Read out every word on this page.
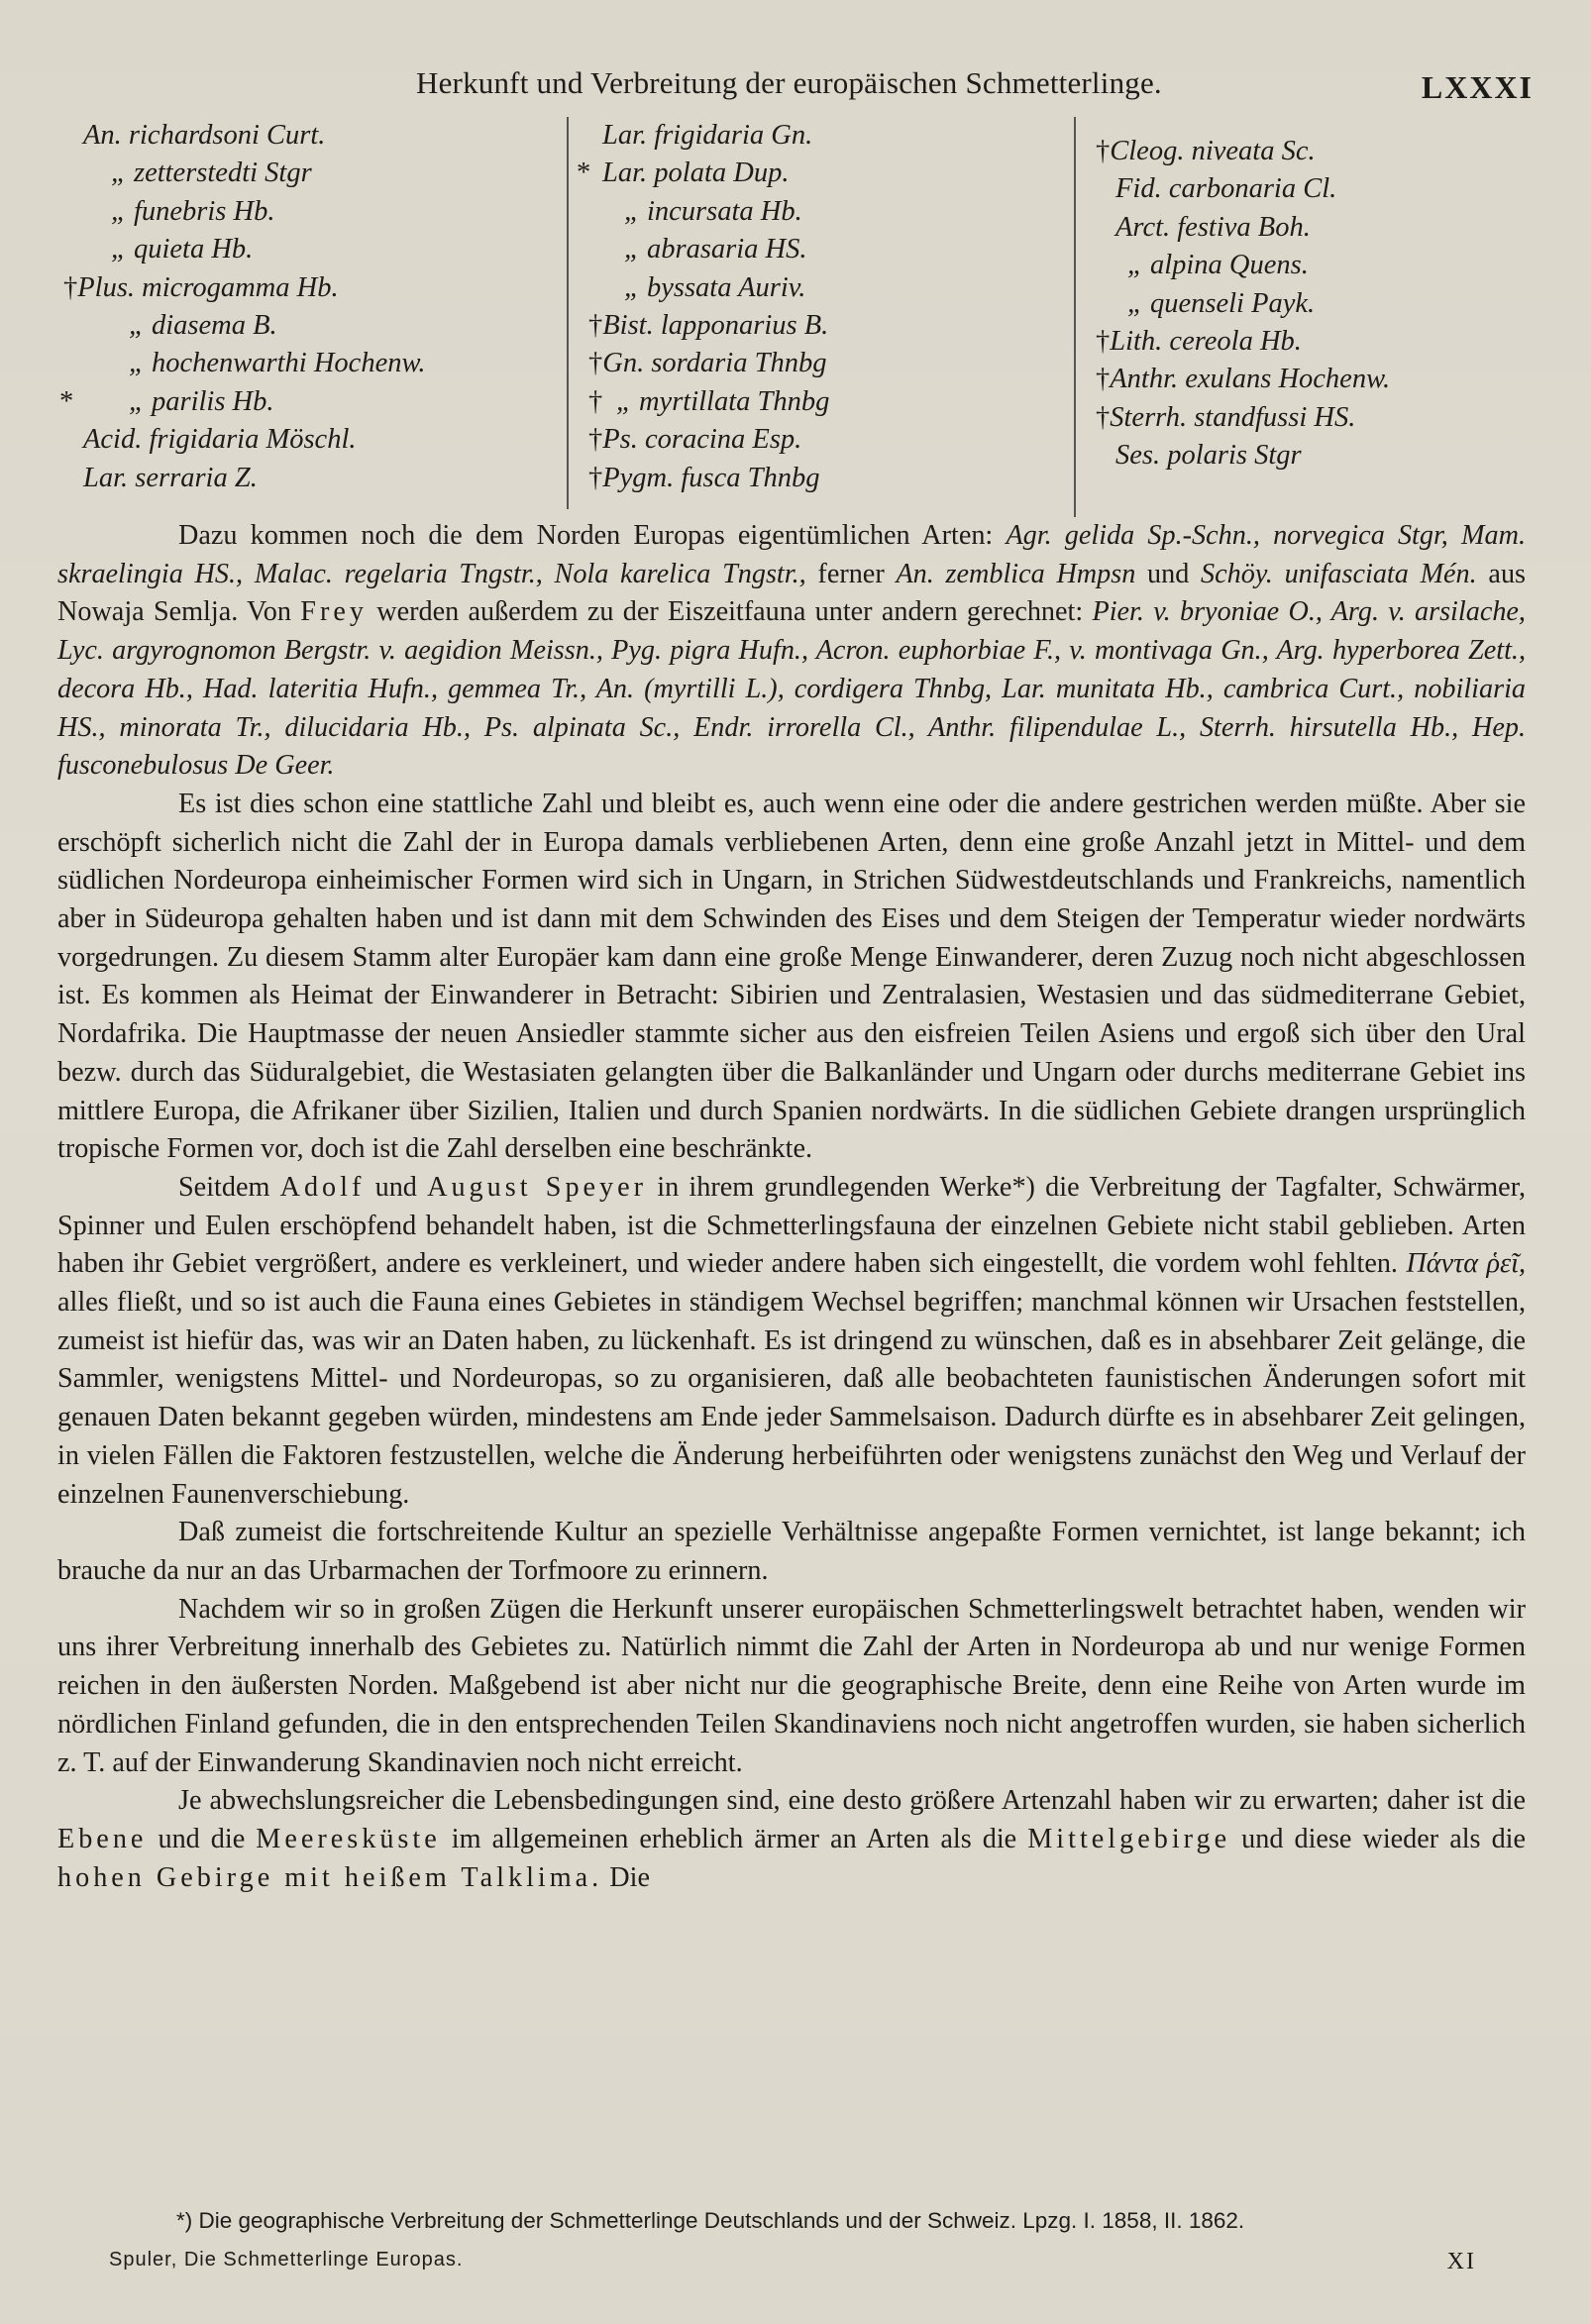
Herkunft und Verbreitung der europäischen Schmetterlinge.	LXXXI
An. richardsoni Curt.
„ zetterstedti Stgr
„ funebris Hb.
„ quieta Hb.
†Plus. microgamma Hb.
„ diasema B.
„ hochenwarthi Hochenw.
* „ parilis Hb.
Acid. frigidaria Möschl.
Lar. serraria Z.
Lar. frigidaria Gn.
* Lar. polata Dup.
„ incursata Hb.
„ abrasaria HS.
„ byssata Auriv.
†Bist. lapponarius B.
†Gn. sordaria Thnbg
† „ myrtillata Thnbg
†Ps. coracina Esp.
†Pygm. fusca Thnbg
†Cleog. niveata Sc.
Fid. carbonaria Cl.
Arct. festiva Boh.
„ alpina Quens.
„ quenseli Payk.
†Lith. cereola Hb.
†Anthr. exulans Hochenw.
†Sterrh. standfussi HS.
Ses. polaris Stgr

Dazu kommen noch die dem Norden Europas eigentümlichen Arten: Agr. gelida Sp.-Schn., norvegica Stgr, Mam. skraelingia HS., Malac. regelaria Tngstr., Nola karelica Tngstr., ferner An. zemblica Hmpsn und Schöy. unifasciata Mén. aus Nowaja Semlja. Von Frey werden außerdem zu der Eiszeitfauna unter andern gerechnet: Pier. v. bryoniae O., Arg. v. arsilache, Lyc. argyrognomon Bergstr. v. aegidion Meissn., Pyg. pigra Hufn., Acron. euphorbiae F., v. montivaga Gn., Arg. hyperborea Zett., decora Hb., Had. lateritia Hufn., gemmea Tr., An. (myrtilli L.), cordigera Thnbg, Lar. munitata Hb., cambrica Curt., nobiliaria HS., minorata Tr., dilucidaria Hb., Ps. alpinata Sc., Endr. irrorella Cl., Anthr. filipendulae L., Sterrh. hirsutella Hb., Hep. fusconebulosus De Geer.

Es ist dies schon eine stattliche Zahl und bleibt es, auch wenn eine oder die andere gestrichen werden müßte. Aber sie erschöpft sicherlich nicht die Zahl der in Europa damals verbliebenen Arten, denn eine große Anzahl jetzt in Mittel- und dem südlichen Nordeuropa einheimischer Formen wird sich in Ungarn, in Strichen Südwestdeutschlands und Frankreichs, namentlich aber in Südeuropa gehalten haben und ist dann mit dem Schwinden des Eises und dem Steigen der Temperatur wieder nordwärts vorgedrungen. Zu diesem Stamm alter Europäer kam dann eine große Menge Einwanderer, deren Zuzug noch nicht abgeschlossen ist. Es kommen als Heimat der Einwanderer in Betracht: Sibirien und Zentralasien, Westasien und das südmediterrane Gebiet, Nordafrika. Die Hauptmasse der neuen Ansiedler stammte sicher aus den eisfreien Teilen Asiens und ergoß sich über den Ural bezw. durch das Süduralgebiet, die Westasiaten gelangten über die Balkanländer und Ungarn oder durchs mediterrane Gebiet ins mittlere Europa, die Afrikaner über Sizilien, Italien und durch Spanien nordwärts. In die südlichen Gebiete drangen ursprünglich tropische Formen vor, doch ist die Zahl derselben eine beschränkte.

Seitdem Adolf und August Speyer in ihrem grundlegenden Werke*) die Verbreitung der Tagfalter, Schwärmer, Spinner und Eulen erschöpfend behandelt haben, ist die Schmetterlingsfauna der einzelnen Gebiete nicht stabil geblieben. Arten haben ihr Gebiet vergrößert, andere es verkleinert, und wieder andere haben sich eingestellt, die vordem wohl fehlten. Πάντα ῥεῖ, alles fließt, und so ist auch die Fauna eines Gebietes in ständigem Wechsel begriffen; manchmal können wir Ursachen feststellen, zumeist ist hiefür das, was wir an Daten haben, zu lückenhaft. Es ist dringend zu wünschen, daß es in absehbarer Zeit gelänge, die Sammler, wenigstens Mittel- und Nordeuropas, so zu organisieren, daß alle beobachteten faunistischen Änderungen sofort mit genauen Daten bekannt gegeben würden, mindestens am Ende jeder Sammelsaison. Dadurch dürfte es in absehbarer Zeit gelingen, in vielen Fällen die Faktoren festzustellen, welche die Änderung herbeiführten oder wenigstens zunächst den Weg und Verlauf der einzelnen Faunenverschiebung.

Daß zumeist die fortschreitende Kultur an spezielle Verhältnisse angepaßte Formen vernichtet, ist lange bekannt; ich brauche da nur an das Urbarmachen der Torfmoore zu erinnern.

Nachdem wir so in großen Zügen die Herkunft unserer europäischen Schmetterlingswelt betrachtet haben, wenden wir uns ihrer Verbreitung innerhalb des Gebietes zu. Natürlich nimmt die Zahl der Arten in Nordeuropa ab und nur wenige Formen reichen in den äußersten Norden. Maßgebend ist aber nicht nur die geographische Breite, denn eine Reihe von Arten wurde im nördlichen Finland gefunden, die in den entsprechenden Teilen Skandinaviens noch nicht angetroffen wurden, sie haben sicherlich z. T. auf der Einwanderung Skandinavien noch nicht erreicht.

Je abwechslungsreicher die Lebensbedingungen sind, eine desto größere Artenzahl haben wir zu erwarten; daher ist die Ebene und die Meeresküste im allgemeinen erheblich ärmer an Arten als die Mittelgebirge und diese wieder als die hohen Gebirge mit heißem Talklima. Die

*) Die geographische Verbreitung der Schmetterlinge Deutschlands und der Schweiz. Lpzg. I. 1858, II. 1862.
Spuler, Die Schmetterlinge Europas.	XI
